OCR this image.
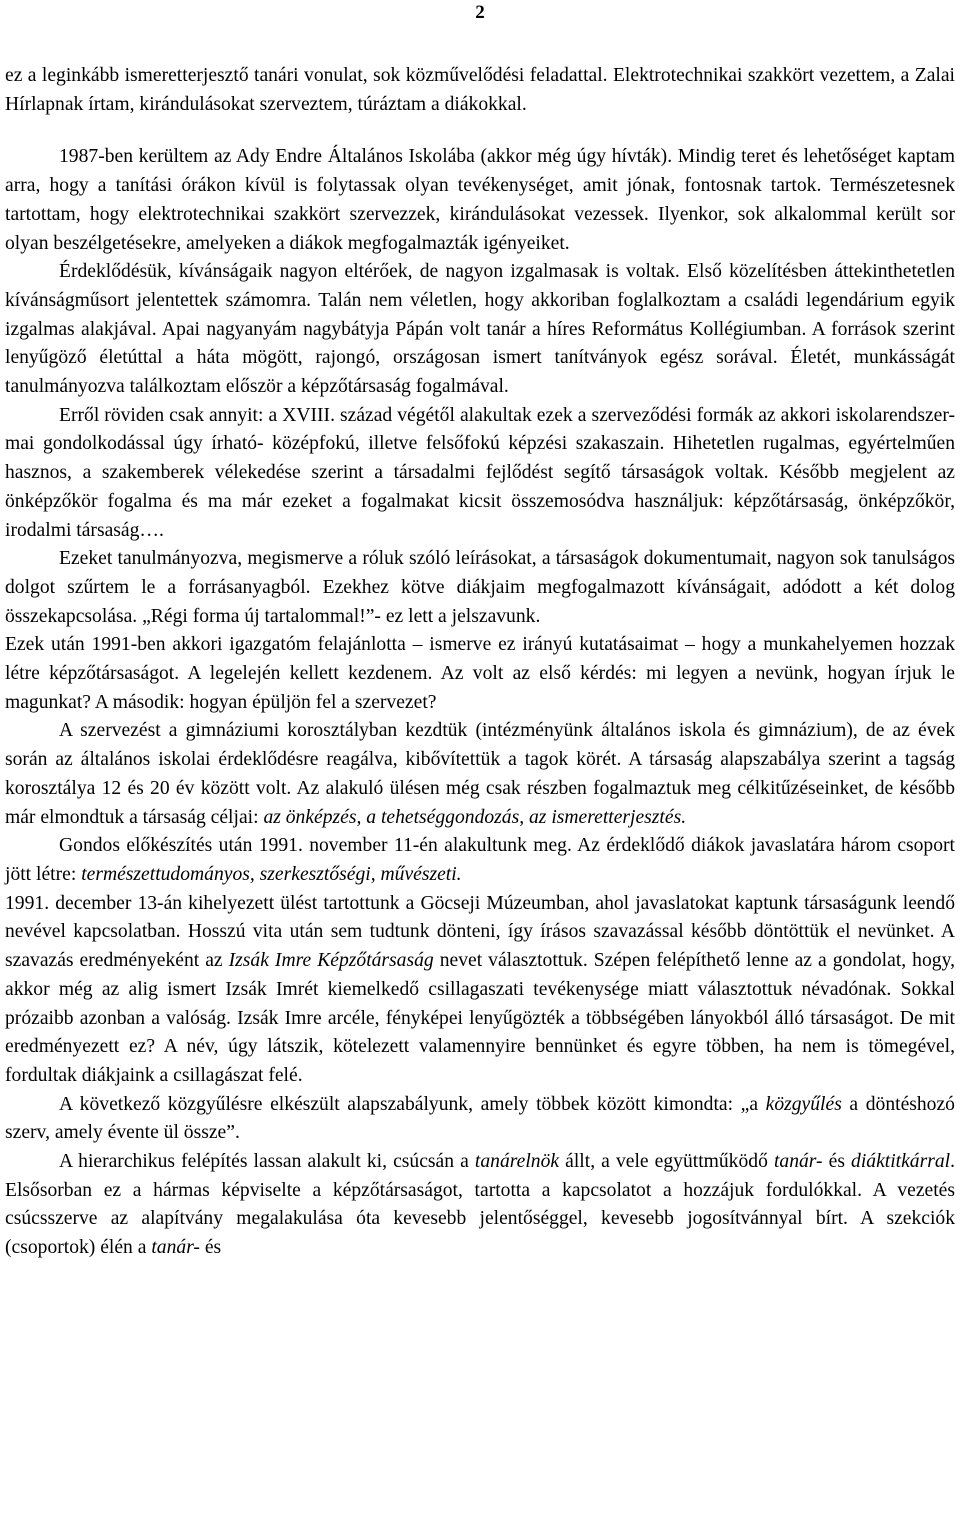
2

ez a leginkább ismeretterjesztő tanári vonulat, sok közművelődési feladattal. Elektrotechnikai szakkört vezettem, a Zalai Hírlapnak írtam, kirándulásokat szerveztem, túráztam a diákokkal.

1987-ben kerültem az Ady Endre Általános Iskolába (akkor még úgy hívták). Mindig teret és lehetőséget kaptam arra, hogy a tanítási órákon kívül is folytassak olyan tevékenységet, amit jónak, fontosnak tartok. Természetesnek tartottam, hogy elektrotechnikai szakkört szervezzek, kirándulásokat vezessek. Ilyenkor, sok alkalommal került sor olyan beszélgetésekre, amelyeken a diákok megfogalmazták igényeiket.

Érdeklődésük, kívánságaik nagyon eltérőek, de nagyon izgalmasak is voltak. Első közelítésben áttekinthetetlen kívánságműsort jelentettek számomra. Talán nem véletlen, hogy akkoriban foglalkoztam a családi legendárium egyik izgalmas alakjával. Apai nagyanyám nagybátyja Pápán volt tanár a híres Református Kollégiumban. A források szerint lenyűgöző életúttal a háta mögött, rajongó, országosan ismert tanítványok egész sorával. Életét, munkásságát tanulmányozva találkoztam először a képzőtársaság fogalmával.

Erről röviden csak annyit: a XVIII. század végétől alakultak ezek a szerveződési formák az akkori iskolarendszer- mai gondolkodással úgy írható- középfokú, illetve felsőfokú képzési szakaszain. Hihetetlen rugalmas, egyértelműen hasznos, a szakemberek vélekedése szerint a társadalmi fejlődést segítő társaságok voltak. Később megjelent az önképzőkör fogalma és ma már ezeket a fogalmakat kicsit összemosódva használjuk: képzőtársaság, önképzőkör, irodalmi társaság….

Ezeket tanulmányozva, megismerve a róluk szóló leírásokat, a társaságok dokumentumait, nagyon sok tanulságos dolgot szűrtem le a forrásanyagból. Ezekhez kötve diákjaim megfogalmazott kívánságait, adódott a két dolog összekapcsolása. „Régi forma új tartalommal!”- ez lett a jelszavunk.

Ezek után 1991-ben akkori igazgatóm felajánlotta – ismerve ez irányú kutatásaimat – hogy a munkahelyemen hozzak létre képzőtársaságot. A legelején kellett kezdenem. Az volt az első kérdés: mi legyen a nevünk, hogyan írjuk le magunkat? A második: hogyan épüljön fel a szervezet?

A szervezést a gimnáziumi korosztályban kezdtük (intézményünk általános iskola és gimnázium), de az évek során az általános iskolai érdeklődésre reagálva, kibővítettük a tagok körét. A társaság alapszabálya szerint a tagság korosztálya 12 és 20 év között volt. Az alakuló ülésen még csak részben fogalmaztuk meg célkitűzéseinket, de később már elmondtuk a társaság céljai: az önképzés, a tehetséggondozás, az ismeretterjesztés.

Gondos előkészítés után 1991. november 11-én alakultunk meg. Az érdeklődő diákok javaslatára három csoport jött létre: természettudományos, szerkesztőségi, művészeti.

1991. december 13-án kihelyezett ülést tartottunk a Göcseji Múzeumban, ahol javaslatokat kaptunk társaságunk leendő nevével kapcsolatban. Hosszú vita után sem tudtunk dönteni, így írásos szavazással később döntöttük el nevünket. A szavazás eredményeként az Izsák Imre Képzőtársaság nevet választottuk. Szépen felépíthető lenne az a gondolat, hogy, akkor még az alig ismert Izsák Imrét kiemelkedő csillagaszati tevékenysége miatt választottuk névadónak. Sokkal prózaibb azonban a valóság. Izsák Imre arcéle, fényképei lenyűgözték a többségében lányokból álló társaságot. De mit eredményezett ez? A név, úgy látszik, kötelezett valamennyire bennünket és egyre többen, ha nem is tömegével, fordultak diákjaink a csillagászat felé.

A következő közgyűlésre elkészült alapszabályunk, amely többek között kimondta: „a közgyűlés a döntéshozó szerv, amely évente ül össze”.

A hierarchikus felépítés lassan alakult ki, csúcsán a tanárelnök állt, a vele együttműködő tanár- és diáktitkárral. Elsősorban ez a hármas képviselte a képzőtársaságot, tartotta a kapcsolatot a hozzájuk fordulókkal. A vezetés csúcsszerve az alapítvány megalakulása óta kevesebb jelentőséggel, kevesebb jogosítvánnyal bírt. A szekciók (csoportok) élén a tanár- és
